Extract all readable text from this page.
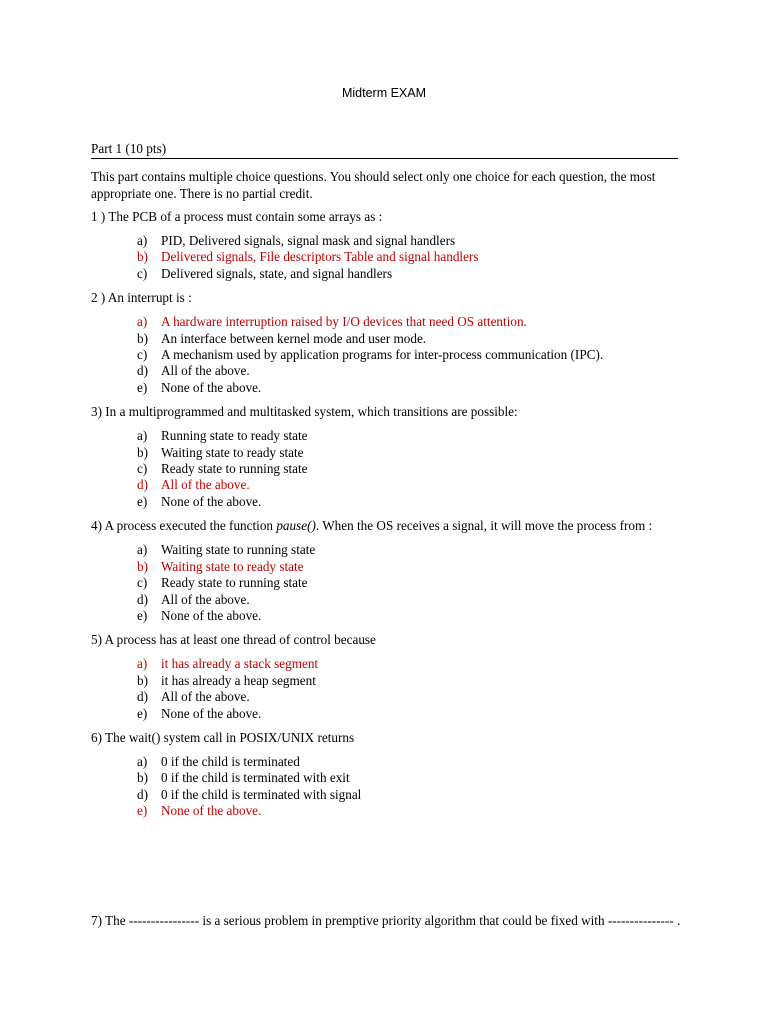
Midterm EXAM
Part 1 (10 pts)

This part contains multiple choice questions. You should select only one choice for each question, the most appropriate one. There is no partial credit.

1 ) The PCB of a process must contain some arrays as :

a)	PID, Delivered signals, signal mask and signal handlers
b) Delivered signals, File descriptors Table and signal handlers
c)	Delivered signals, state, and signal handlers

2 ) An interrupt is :

a)	A hardware interruption raised by I/O devices that need OS attention.
b) An interface between kernel mode and user mode.
c)	A mechanism used by application programs for inter-process communication (IPC).
d) All of the above.
e)	None of the above.

3) In a multiprogrammed and multitasked system, which transitions are possible:

a)	Running state to ready state
b) Waiting state to ready state
c)	Ready state to running state
d) All of the above.
e)	None of the above.

4) A process executed the function pause(). When the OS receives a signal, it will move the process from :

a)	Waiting state to running state
b) Waiting state to ready state
c)	Ready state to running state
d) All of the above.
e)	None of the above.

5) A process has at least one thread of control because

a)	it has already a stack segment
b) it has already a heap segment
d) All of the above.
e)	None of the above.

6) The wait() system call in POSIX/UNIX returns

a)	0 if the child is terminated
b) 0 if the child is terminated with exit
d) 0 if the child is terminated with signal
e)	None of the above.

7) The ---------------- is a serious problem in premptive priority algorithm that could be fixed with --------------- .
